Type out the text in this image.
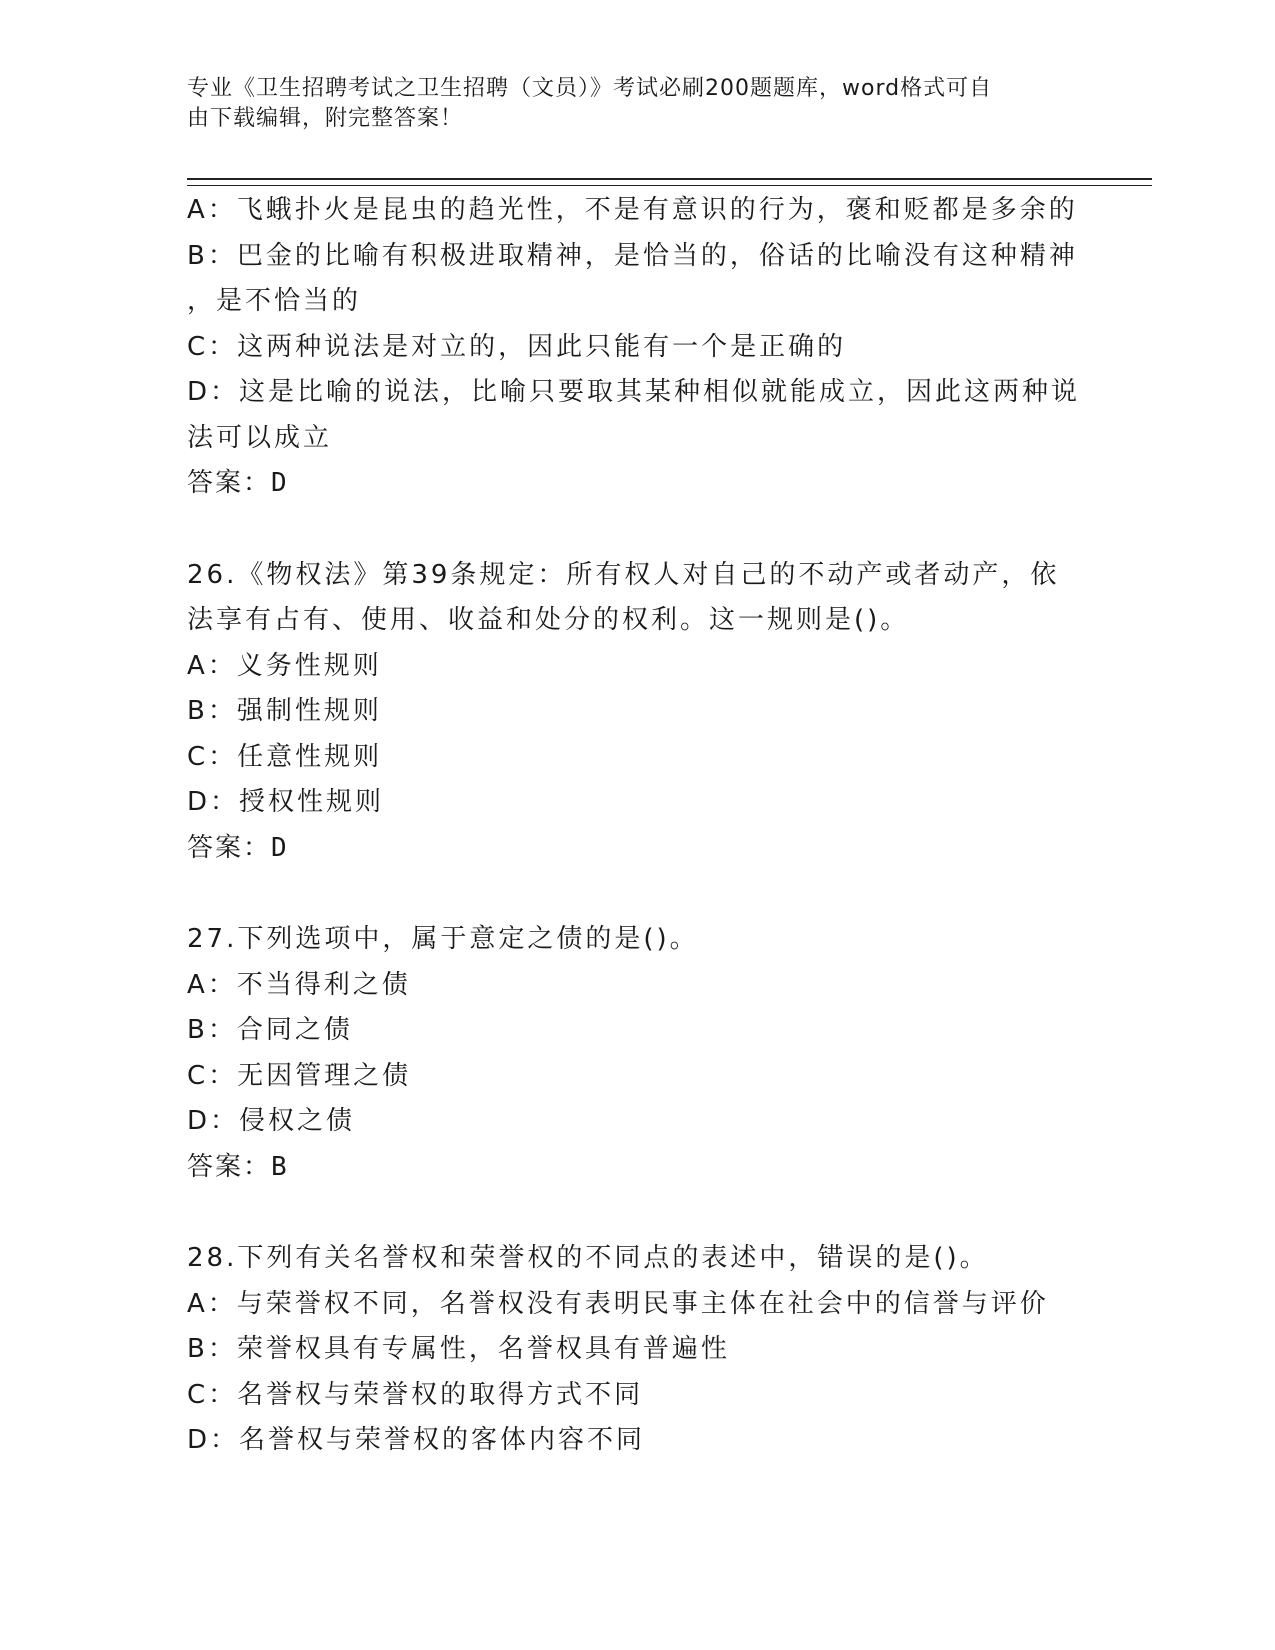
专业《卫生招聘考试之卫生招聘（文员）》考试必刷200题题库，word格式可自
由下载编辑，附完整答案！
A：飞蛾扑火是昆虫的趋光性，不是有意识的行为，褒和贬都是多余的
B：巴金的比喻有积极进取精神，是恰当的，俗话的比喻没有这种精神
，是不恰当的
C：这两种说法是对立的，因此只能有一个是正确的
D：这是比喻的说法，比喻只要取其某种相似就能成立，因此这两种说
法可以成立
答案：D
26.《物权法》第39条规定：所有权人对自己的不动产或者动产，依
法享有占有、使用、收益和处分的权利。这一规则是()。
A：义务性规则
B：强制性规则
C：任意性规则
D：授权性规则
答案：D
27.下列选项中，属于意定之债的是()。
A：不当得利之债
B：合同之债
C：无因管理之债
D：侵权之债
答案：B
28.下列有关名誉权和荣誉权的不同点的表述中，错误的是()。
A：与荣誉权不同，名誉权没有表明民事主体在社会中的信誉与评价
B：荣誉权具有专属性，名誉权具有普遍性
C：名誉权与荣誉权的取得方式不同
D：名誉权与荣誉权的客体内容不同
